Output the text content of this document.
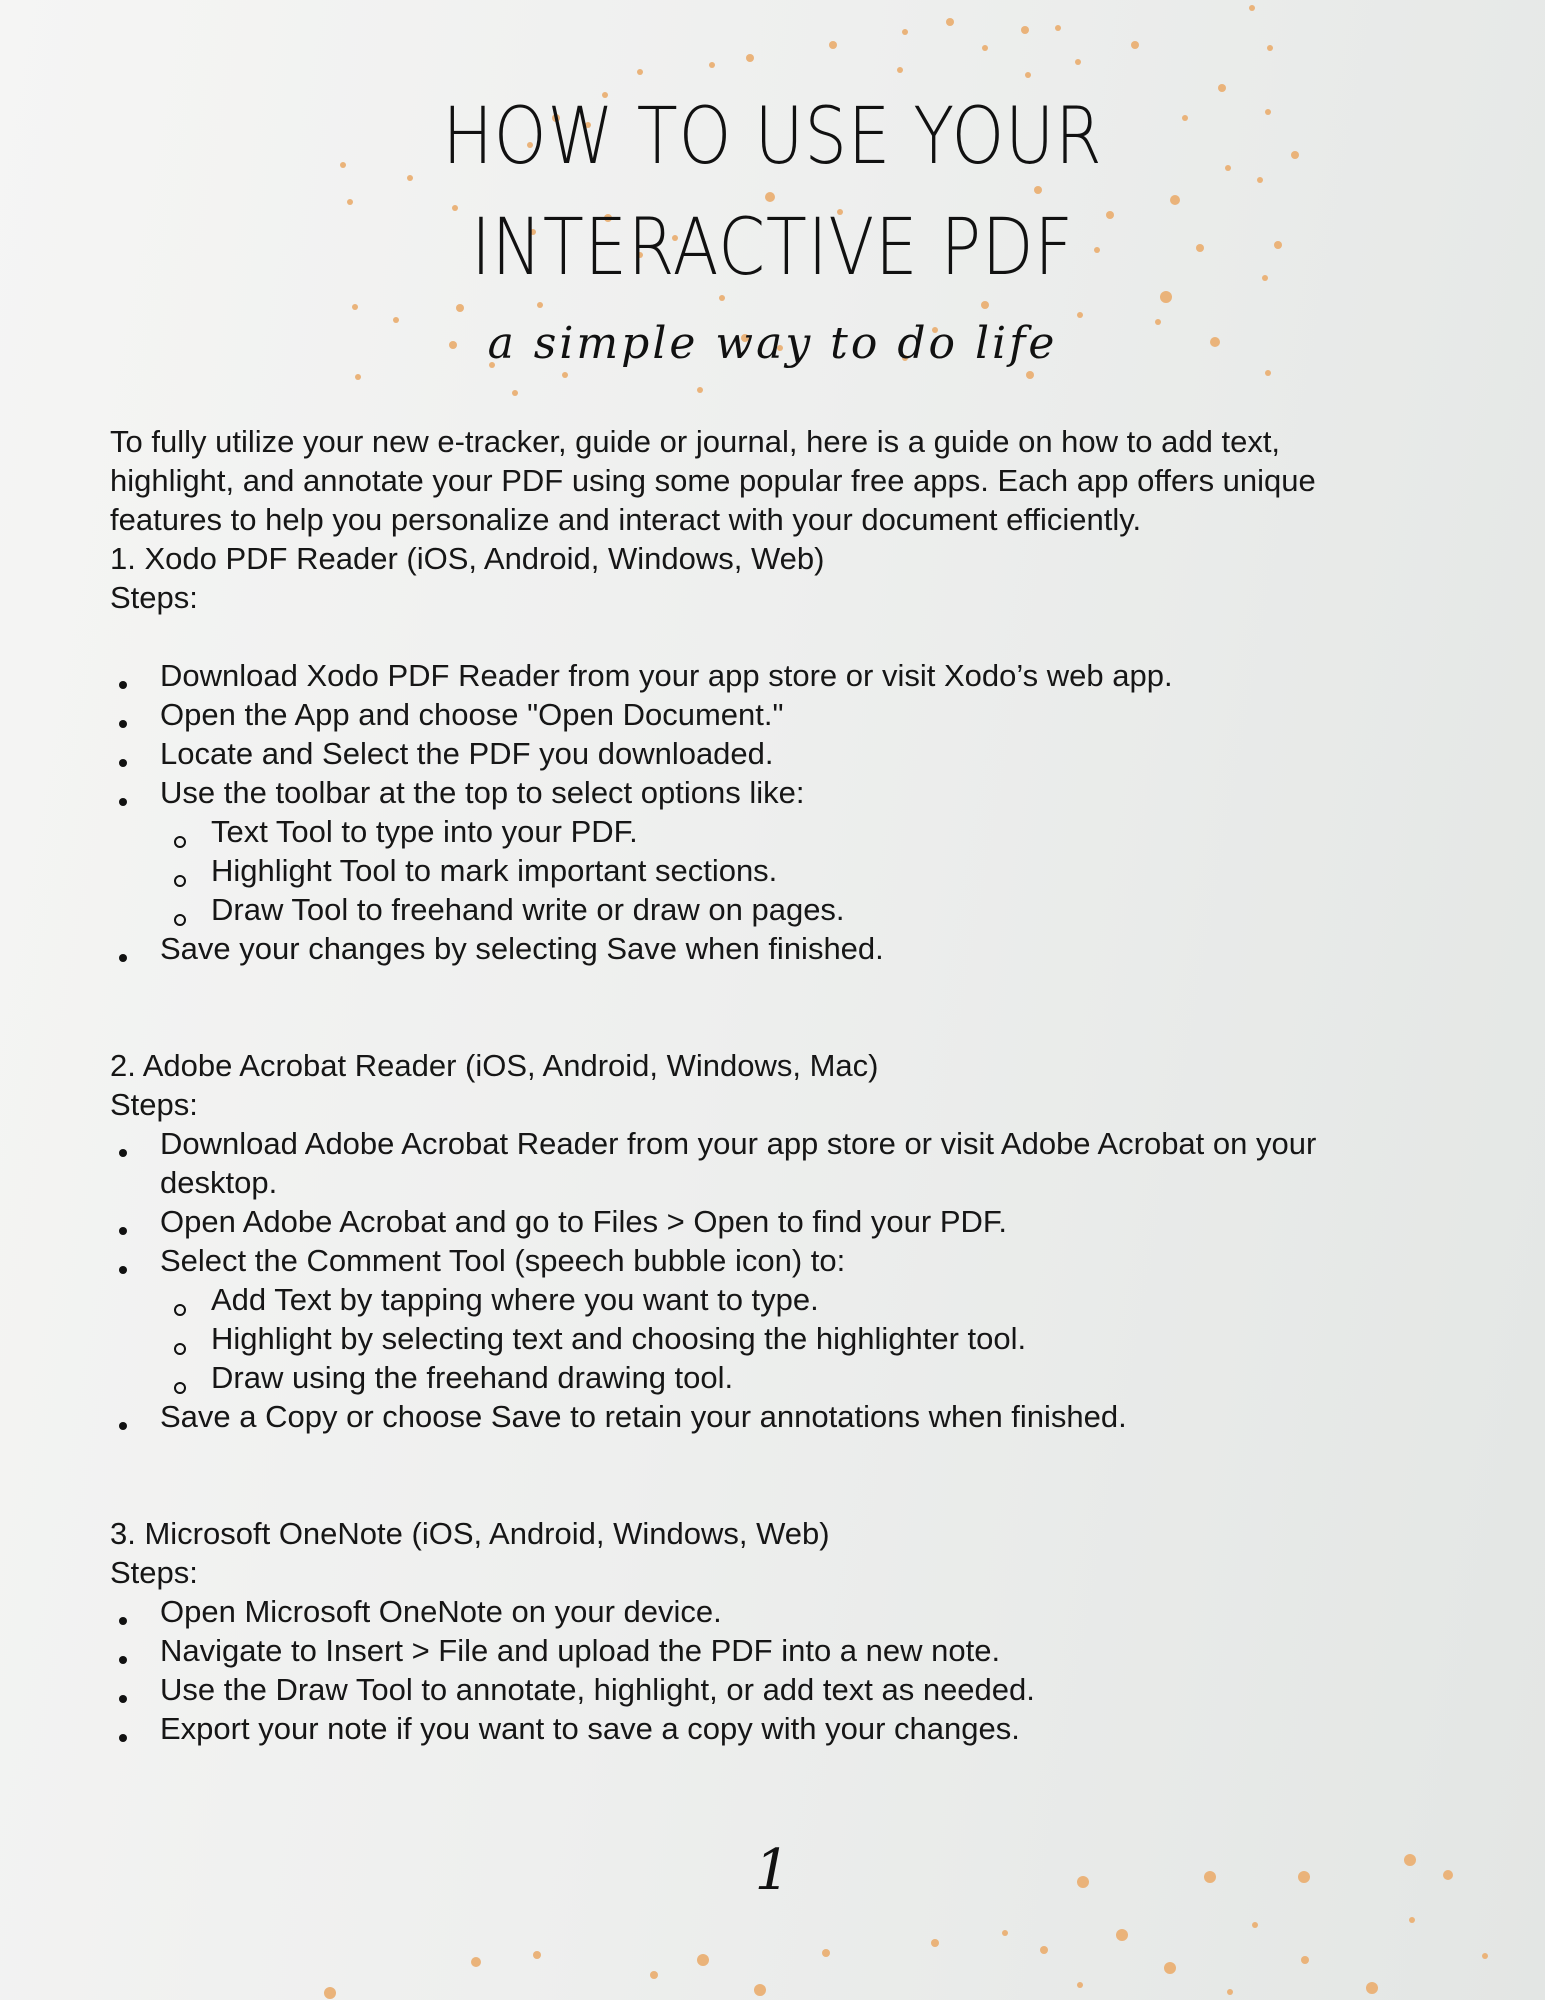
HOW TO USE YOUR
INTERACTIVE PDF
a simple way to do life

To fully utilize your new e-tracker, guide or journal, here is a guide on how to add text, highlight, and annotate your PDF using some popular free apps. Each app offers unique features to help you personalize and interact with your document efficiently.

1. Xodo PDF Reader (iOS, Android, Windows, Web)

Steps:

Download Xodo PDF Reader from your app store or visit Xodo’s web app.
Open the App and choose "Open Document."
Locate and Select the PDF you downloaded.
Use the toolbar at the top to select options like:
Text Tool to type into your PDF.
Highlight Tool to mark important sections.
Draw Tool to freehand write or draw on pages.
Save your changes by selecting Save when finished.

2. Adobe Acrobat Reader (iOS, Android, Windows, Mac)

Steps:

Download Adobe Acrobat Reader from your app store or visit Adobe Acrobat on your desktop.
Open Adobe Acrobat and go to Files > Open to find your PDF.
Select the Comment Tool (speech bubble icon) to:
Add Text by tapping where you want to type.
Highlight by selecting text and choosing the highlighter tool.
Draw using the freehand drawing tool.
Save a Copy or choose Save to retain your annotations when finished.

3. Microsoft OneNote (iOS, Android, Windows, Web)

Steps:

Open Microsoft OneNote on your device.
Navigate to Insert > File and upload the PDF into a new note.
Use the Draw Tool to annotate, highlight, or add text as needed.
Export your note if you want to save a copy with your changes.
1
